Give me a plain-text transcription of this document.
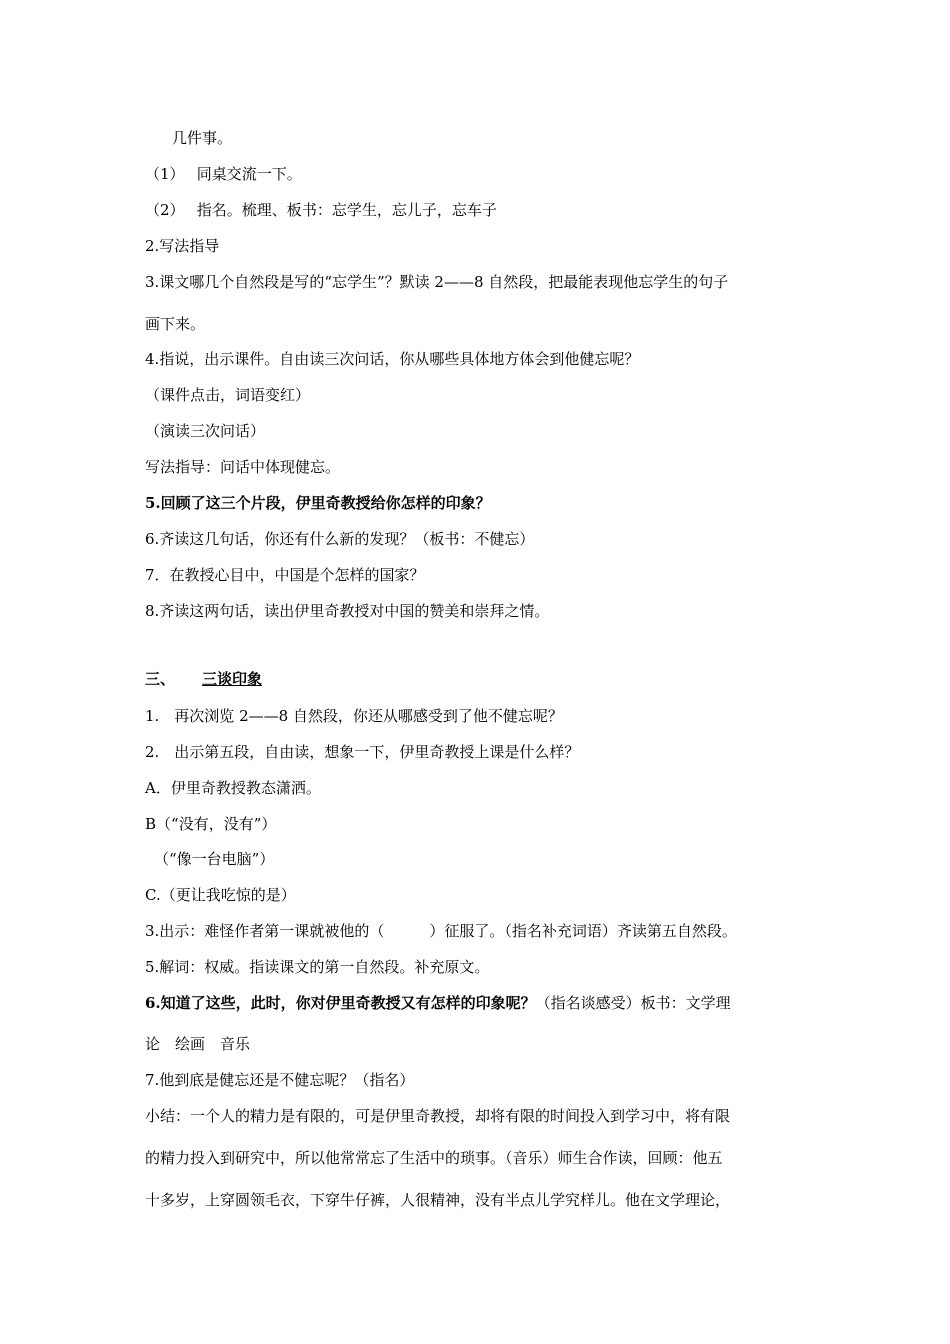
几件事。
（1）　 同桌交流一下。
（2）　 指名。梳理、板书：忘学生，忘儿子，忘车子
2.写法指导
3.课文哪几个自然段是写的“忘学生”？默读 2——8 自然段，把最能表现他忘学生的句子
画下来。
4.指说，出示课件。自由读三次问话，你从哪些具体地方体会到他健忘呢？
（课件点击，词语变红）
（演读三次问话）
写法指导：问话中体现健忘。
5.回顾了这三个片段，伊里奇教授给你怎样的印象？
6.齐读这几句话，你还有什么新的发现？（板书：不健忘）
7．在教授心目中，中国是个怎样的国家？
8.齐读这两句话，读出伊里奇教授对中国的赞美和崇拜之情。
三、 三谈印象
1.　再次浏览 2——8 自然段，你还从哪感受到了他不健忘呢？
2.　出示第五段，自由读，想象一下，伊里奇教授上课是什么样？
A．伊里奇教授教态潇洒。
B（“没有，没有”）
（“像一台电脑”）
C.（更让我吃惊的是）
3.出示：难怪作者第一课就被他的（　　　）征服了。（指名补充词语）齐读第五自然段。
5.解词：权威。指读课文的第一自然段。补充原文。
6.知道了这些，此时，你对伊里奇教授又有怎样的印象呢？（指名谈感受）板书：文学理
论　绘画　音乐
7.他到底是健忘还是不健忘呢？（指名）
小结：一个人的精力是有限的，可是伊里奇教授，却将有限的时间投入到学习中，将有限
的精力投入到研究中，所以他常常忘了生活中的琐事。（音乐）师生合作读，回顾：他五
十多岁，上穿圆领毛衣，下穿牛仔裤，人很精神，没有半点儿学究样儿。他在文学理论，
